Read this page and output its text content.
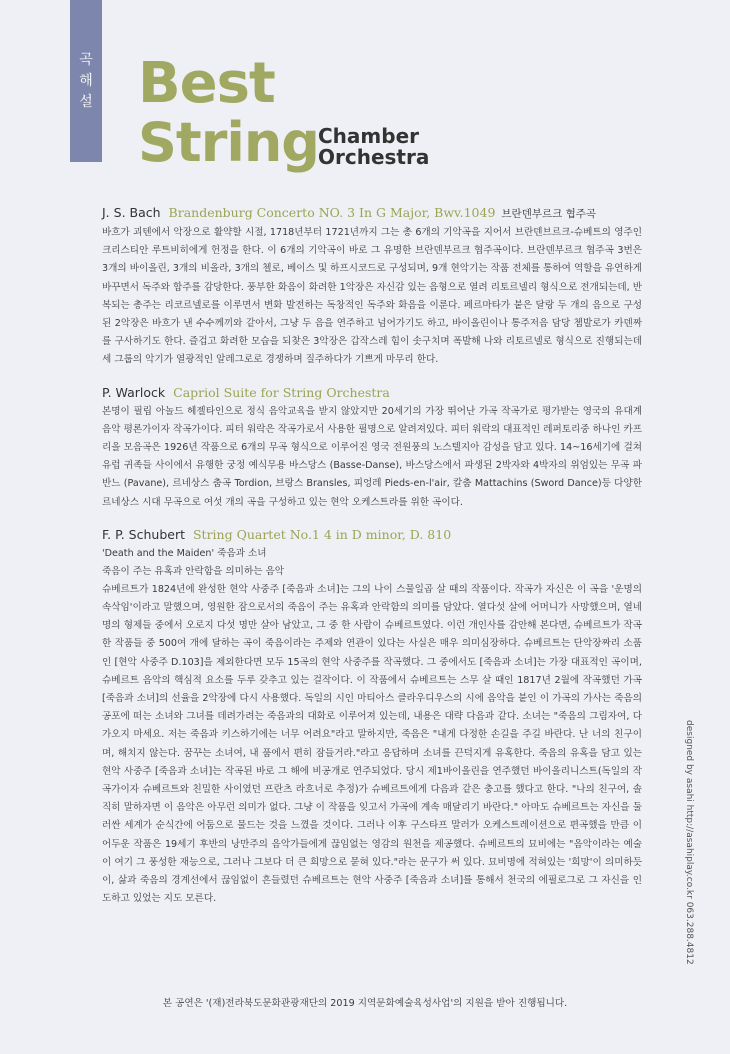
곡
해
설 Best
String Chamber
Orchestra
J. S. Bach Brandenburg Concerto NO. 3 In G Major, Bwv.1049 브란덴부르크 협주곡

바흐가 괴텐에서 악장으로 활약할 시절, 1718년부터 1721년까지 그는 총 6개의 기악곡을 지어서 브란덴브르크-슈베트의 영주인 크리스티안 루트비히에게 헌정을 한다. 이 6개의 기악곡이 바로 그 유명한 브란덴부르크 협주곡이다. 브란덴부르크 협주곡 3번은 3개의 바이올린, 3개의 비올라, 3개의 첼로, 베이스 및 하프시코드로 구성되며, 9개 현악기는 작품 전체를 통하여 역할을 유연하게 바꾸면서 독주와 합주를 감당한다. 풍부한 화음이 화려한 1악장은 자신감 있는 음형으로 열려 리토르넬리 형식으로 전개되는데, 반복되는 총주는 리코르넬로를 이루면서 변화 발전하는 독창적인 독주와 화음을 이룬다. 페르마타가 붙은 달랑 두 개의 음으로 구성된 2악장은 바흐가 낸 수수께끼와 같아서, 그냥 두 음을 연주하고 넘어가기도 하고, 바이올린이나 통주저음 담당 쳄발로가 카덴짜를 구사하기도 한다. 즐겁고 화려한 모습을 되찾은 3악장은 갑작스레 힘이 솟구치며 폭발해 나와 리토르넬로 형식으로 진행되는데 세 그룹의 악기가 열광적인 알레그로로 경쟁하며 질주하다가 기쁘게 마무리 한다.

P. Warlock Capriol Suite for String Orchestra

본명이 필립 아놀드 헤젤타인으로 정식 음악교육을 받지 않았지만 20세기의 가장 뛰어난 가곡 작곡가로 평가받는 영국의 유대계 음악 평론가이자 작곡가이다. 피터 워락은 작곡가로서 사용한 필명으로 알려져있다. 피터 워락의 대표적인 레퍼토리중 하나인 카프리올 모음곡은 1926년 작품으로 6개의 무곡 형식으로 이루어진 영국 전원풍의 노스텔지아 감성을 담고 있다. 14~16세기에 걸쳐 유럽 귀족들 사이에서 유행한 궁정 예식무용 바스당스 (Basse-Danse), 바스당스에서 파생된 2박자와 4박자의 위엄있는 무곡 파반느 (Pavane), 르네상스 춤곡 Tordion, 브랑스 Bransles, 피엉레 Pieds-en-l'air, 칼춤 Mattachins (Sword Dance)등 다양한 르네상스 시대 무곡으로 여섯 개의 곡을 구성하고 있는 현악 오케스트라를 위한 곡이다.

F. P. Schubert String Quartet No.1 4 in D minor, D. 810

'Death and the Maiden' 죽음과 소녀

죽음이 주는 유혹과 안락함을 의미하는 음악

슈베르트가 1824년에 완성한 현악 사중주 [죽음과 소녀]는 그의 나이 스물일곱 살 때의 작품이다. 작곡가 자신은 이 곡을 '운명의 속삭임'이라고 말했으며, 영원한 잠으로서의 죽음이 주는 유혹과 안락함의 의미를 담았다. 열다섯 살에 어머니가 사망했으며, 열네 명의 형제들 중에서 오로지 다섯 명만 살아 남았고, 그 중 한 사람이 슈베르트였다. 이런 개인사를 감안해 본다면, 슈베르트가 작곡한 작품들 중 500여 개에 달하는 곡이 죽음이라는 주제와 연관이 있다는 사실은 매우 의미심장하다. 슈베르트는 단악장짜리 소품인 [현악 사중주 D.103]을 제외한다면 모두 15곡의 현악 사중주를 작곡했다. 그 중에서도 [죽음과 소녀]는 가장 대표적인 곡이며, 슈베르트 음악의 핵심적 요소를 두루 갖추고 있는 걸작이다. 이 작품에서 슈베르트는 스무 살 때인 1817년 2월에 작곡했던 가곡 [죽음과 소녀]의 선율을 2악장에 다시 사용했다. 독일의 시인 마티아스 클라우디우스의 시에 음악을 붙인 이 가곡의 가사는 죽음의 공포에 떠는 소녀와 그녀를 데려가려는 죽음과의 대화로 이루어져 있는데, 내용은 대략 다음과 같다. 소녀는 "죽음의 그림자여, 다가오지 마세요. 저는 죽음과 키스하기에는 너무 어려요"라고 말하지만, 죽음은 "내게 다정한 손길을 주길 바란다. 난 너의 친구이며, 해치지 않는다. 꿈꾸는 소녀여, 내 품에서 편히 잠들거라."라고 응답하며 소녀를 끈덕지게 유혹한다. 죽음의 유혹을 담고 있는 현악 사중주 [죽음과 소녀]는 작곡된 바로 그 해에 비공개로 연주되었다. 당시 제1바이올린을 연주했던 바이올리니스트(독일의 작곡가이자 슈베르트와 친밀한 사이였던 프란츠 라흐너로 추정)가 슈베르트에게 다음과 같은 충고를 했다고 한다. "나의 친구여, 솔직히 말하자면 이 음악은 아무런 의미가 없다. 그냥 이 작품을 잊고서 가곡에 계속 매달리기 바란다." 아마도 슈베르트는 자신을 둘러싼 세계가 순식간에 어둠으로 물드는 것을 느꼈을 것이다. 그러나 이후 구스타프 말러가 오케스트레이션으로 편곡했을 만큼 이 어두운 작품은 19세기 후반의 낭만주의 음악가들에게 끊임없는 영감의 원천을 제공했다. 슈베르트의 묘비에는 "음악이라는 예술이 여기 그 풍성한 재능으로, 그러나 그보다 더 큰 희망으로 묻혀 있다."라는 문구가 써 있다. 묘비명에 적혀있는 '희망'이 의미하듯이, 삶과 죽음의 경계선에서 끊임없이 흔들렸던 슈베르트는 현악 사중주 [죽음과 소녀]를 통해서 천국의 에필로그로 그 자신을 인도하고 있었는 지도 모른다.

본 공연은 '(재)전라북도문화관광재단의 2019 지역문화예술육성사업'의 지원을 받아 진행됩니다.
designed by asahi http://asahiplay.co.kr 063.288.4812
